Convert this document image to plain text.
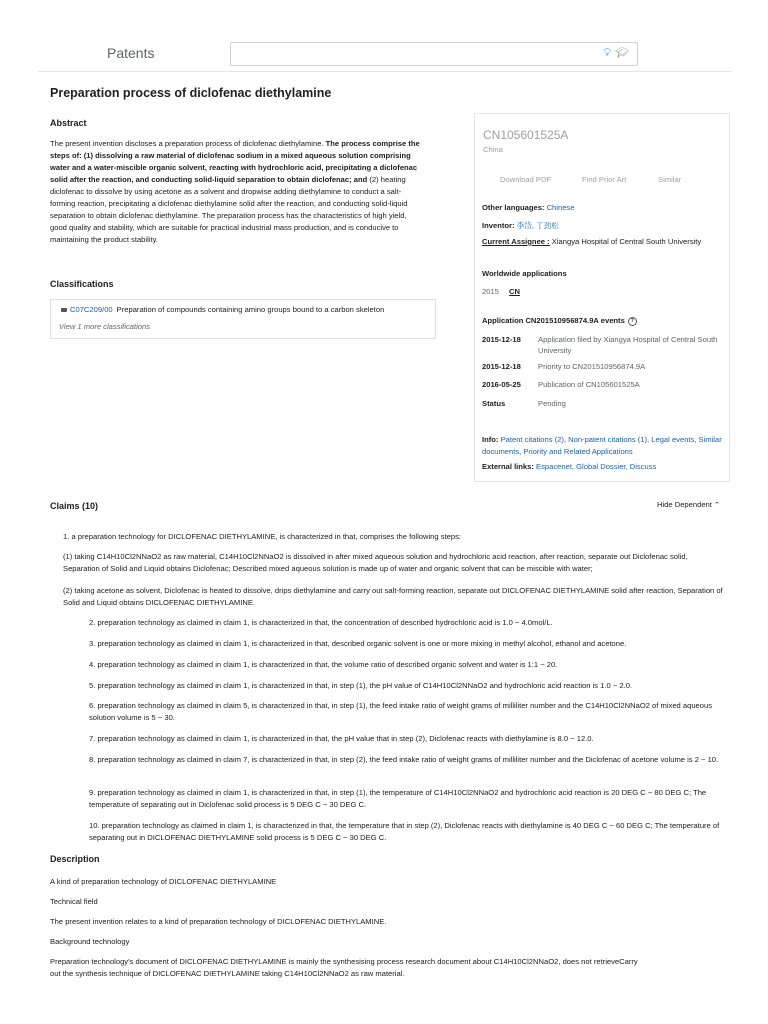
Patents	💡︎ 🎓︎
Preparation process of diclofenac diethylamine
Abstract
The present invention discloses a preparation process of diclofenac diethylamine. The process comprise the steps of: (1) dissolving a raw material of diclofenac sodium in a mixed aqueous solution comprising water and a water-miscible organic solvent, reacting with hydrochloric acid, precipitating a diclofenac solid after the reaction, and conducting solid-liquid separation to obtain diclofenac; and (2) heating diclofenac to dissolve by using acetone as a solvent and dropwise adding diethylamine to conduct a salt-forming reaction, precipitating a diclofenac diethylamine solid after the reaction, and conducting solid-liquid separation to obtain diclofenac diethylamine. The preparation process has the characteristics of high yield, good quality and stability, which are suitable for practical industrial mass production, and is conducive to maintaining the product stability.
Classifications
C07C209/00 Preparation of compounds containing amino groups bound to a carbon skeleton
View 1 more classifications
CN105601525A
China
Download PDF	Find Prior Art	Similar
Other languages: Chinese
Inventor: 李岱, 丁劲松
Current Assignee : Xiangya Hospital of Central South University
Worldwide applications
2015 CN
Application CN201510956874.9A events ?
2015-12-18 Application filed by Xiangya Hospital of Central South University
2015-12-18 Priority to CN201510956874.9A
2016-05-25 Publication of CN105601525A
Status	Pending
Info: Patent citations (2), Non-patent citations (1), Legal events, Similar documents, Priority and Related Applications
External links: Espacenet, Global Dossier, Discuss
Claims (10)	Hide Dependent ⌃
1. a preparation technology for DICLOFENAC DIETHYLAMINE, is characterized in that, comprises the following steps:
(1) taking C14H10Cl2NNaO2 as raw material, C14H10Cl2NNaO2 is dissolved in after mixed aqueous solution and hydrochloric acid reaction, after reaction, separate out Diclofenac solid, Separation of Solid and Liquid obtains Diclofenac; Described mixed aqueous solution is made up of water and organic solvent that can be miscible with water;
(2) taking acetone as solvent, Diclofenac is heated to dissolve, drips diethylamine and carry out salt-forming reaction, separate out DICLOFENAC DIETHYLAMINE solid after reaction, Separation of Solid and Liquid obtains DICLOFENAC DIETHYLAMINE.
2. preparation technology as claimed in claim 1, is characterized in that, the concentration of described hydrochloric acid is 1.0 ~ 4.0mol/L.
3. preparation technology as claimed in claim 1, is characterized in that, described organic solvent is one or more mixing in methyl alcohol, ethanol and acetone.
4. preparation technology as claimed in claim 1, is characterized in that, the volume ratio of described organic solvent and water is 1:1 ~ 20.
5. preparation technology as claimed in claim 1, is characterized in that, in step (1), the pH value of C14H10Cl2NNaO2 and hydrochloric acid reaction is 1.0 ~ 2.0.
6. preparation technology as claimed in claim 5, is characterized in that, in step (1), the feed intake ratio of weight grams of milliliter number and the C14H10Cl2NNaO2 of mixed aqueous solution volume is 5 ~ 30.
7. preparation technology as claimed in claim 1, is characterized in that, the pH value that in step (2), Diclofenac reacts with diethylamine is 8.0 ~ 12.0.
8. preparation technology as claimed in claim 7, is characterized in that, in step (2), the feed intake ratio of weight grams of milliliter number and the Diclofenac of acetone volume is 2 ~ 10.
9. preparation technology as claimed in claim 1, is characterized in that, in step (1), the temperature of C14H10Cl2NNaO2 and hydrochloric acid reaction is 20 DEG C ~ 80 DEG C; The temperature of separating out in Diclofenac solid process is 5 DEG C ~ 30 DEG C.
10. preparation technology as claimed in claim 1, is characterized in that, the temperature that in step (2), Diclofenac reacts with diethylamine is 40 DEG C ~ 60 DEG C; The temperature of separating out in DICLOFENAC DIETHYLAMINE solid process is 5 DEG C ~ 30 DEG C.
Description
A kind of preparation technology of DICLOFENAC DIETHYLAMINE
Technical field
The present invention relates to a kind of preparation technology of DICLOFENAC DIETHYLAMINE.
Background technology
Preparation technology's document of DICLOFENAC DIETHYLAMINE is mainly the synthesising process research document about C14H10Cl2NNaO2, does not retrieveCarry out the synthesis technique of DICLOFENAC DIETHYLAMINE taking C14H10Cl2NNaO2 as raw material.
